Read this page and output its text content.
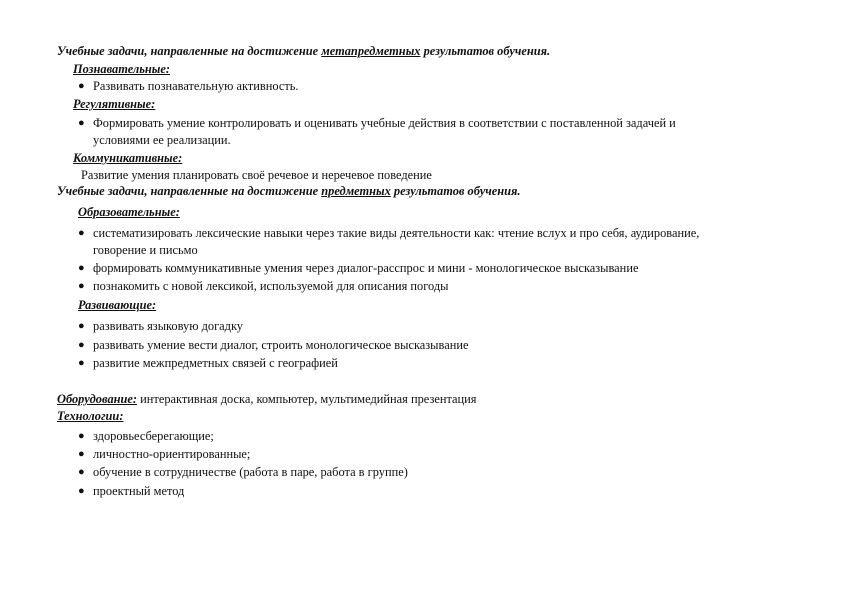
Учебные задачи, направленные на достижение метапредметных результатов обучения.
Познавательные:
● Развивать познавательную активность.
Регулятивные:
● Формировать умение контролировать и оценивать учебные действия в соответствии с поставленной задачей и
условиями ее реализации.
Коммуникативные:
Развитие умения планировать своё речевое и неречевое поведение
Учебные задачи, направленные на достижение предметных результатов обучения.
Образовательные:
● систематизировать лексические навыки через такие виды деятельности как: чтение вслух и про себя, аудирование,
говорение и письмо
● формировать коммуникативные умения через диалог-расспрос и мини - монологическое высказывание
● познакомить с новой лексикой, используемой для описания погоды
Развивающие:
● развивать языковую догадку
● развивать умение вести диалог, строить монологическое высказывание
● развитие межпредметных связей с географией
Оборудование: интерактивная доска, компьютер, мультимедийная презентация
Технологии:
● здоровьесберегающие;
● личностно-ориентированные;
● обучение в сотрудничестве (работа в паре, работа в группе)
● проектный метод
